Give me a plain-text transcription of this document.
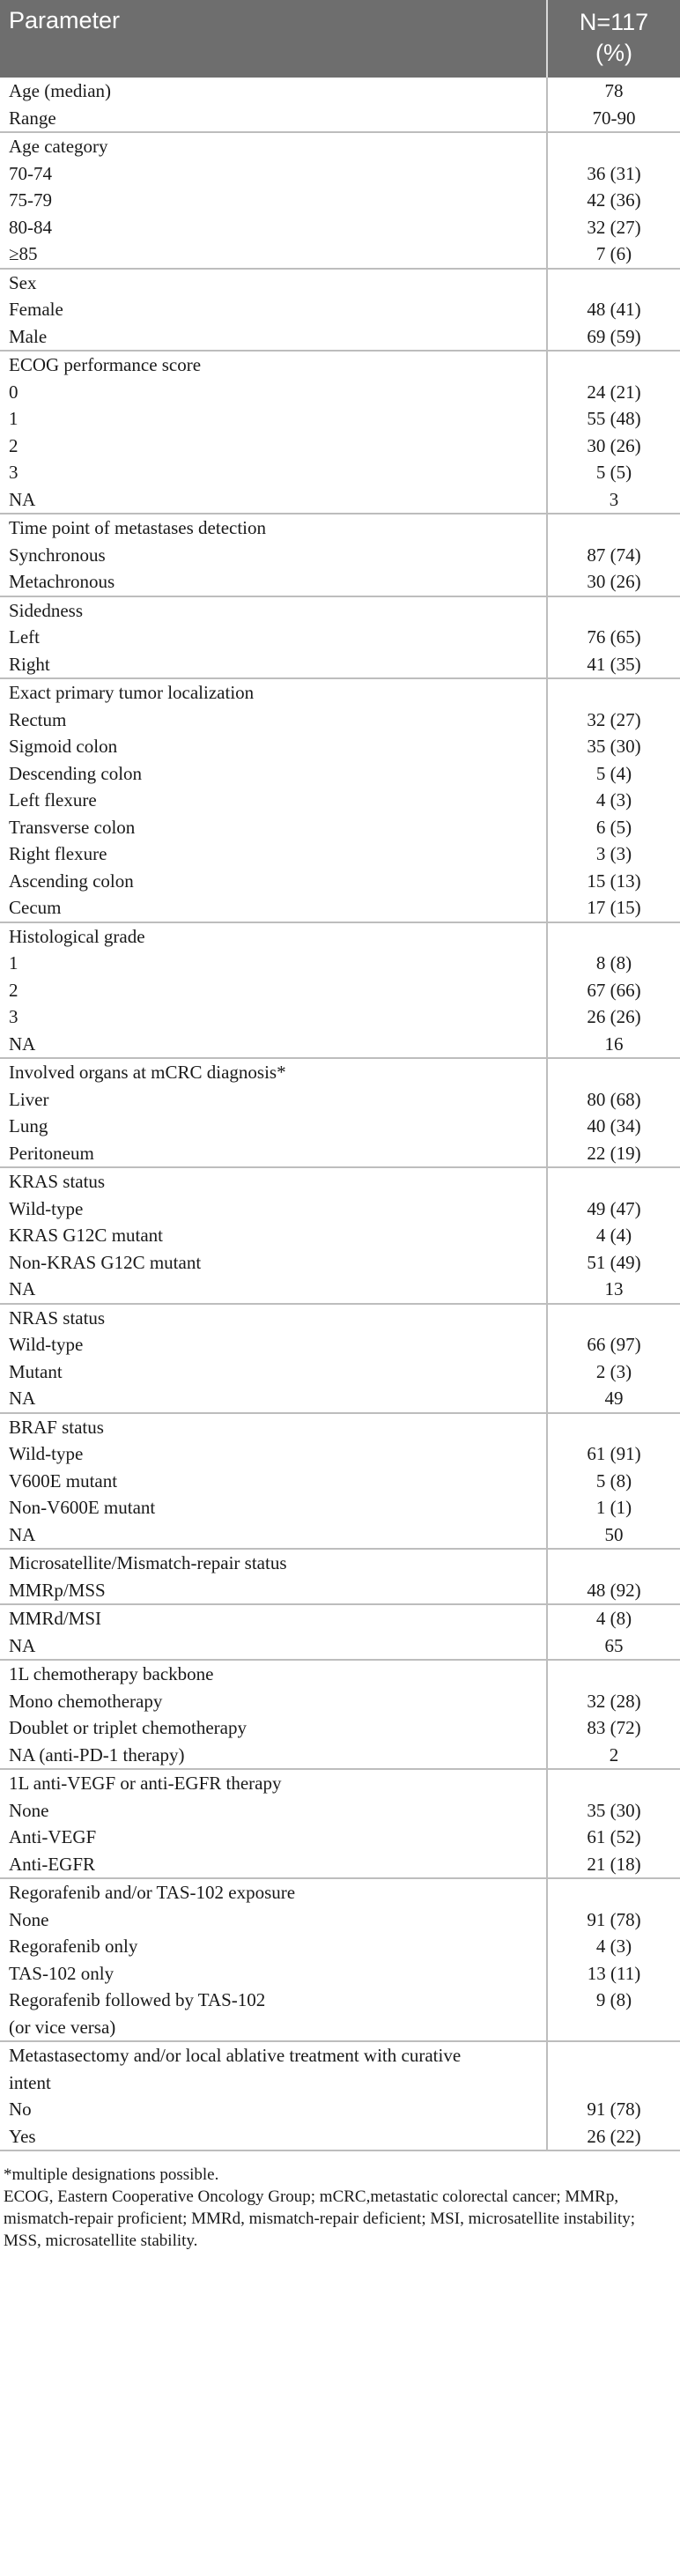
Parameter	N=117
(%)
Age (median)
Range
78
70-90
Age category
70-74
75-79
80-84
≥85
36 (31)
42 (36)
32 (27)
7 (6)
Sex
Female
Male
48 (41)
69 (59)
ECOG performance score
0
1
2
3
NA
24 (21)
55 (48)
30 (26)
5 (5)
3
Time point of metastases detection
Synchronous
Metachronous
87 (74)
30 (26)
Sidedness
Left
Right
76 (65)
41 (35)
Exact primary tumor localization
Rectum
Sigmoid colon
Descending colon
Left flexure
Transverse colon
Right flexure
Ascending colon
Cecum
32 (27)
35 (30)
5 (4)
4 (3)
6 (5)
3 (3)
15 (13)
17 (15)
Histological grade
1
2
3
NA
8 (8)
67 (66)
26 (26)
16
Involved organs at mCRC diagnosis*
Liver
Lung
Peritoneum
80 (68)
40 (34)
22 (19)
KRAS status
Wild-type
KRAS G12C mutant
Non-KRAS G12C mutant
NA
49 (47)
4 (4)
51 (49)
13
NRAS status
Wild-type
Mutant
NA
66 (97)
2 (3)
49
BRAF status
Wild-type
V600E mutant
Non-V600E mutant
NA
61 (91)
5 (8)
1 (1)
50
Microsatellite/Mismatch-repair status
MMRp/MSS	48 (92)
MMRd/MSI
NA
4 (8)
65
1L chemotherapy backbone
Mono chemotherapy
Doublet or triplet chemotherapy
NA (anti-PD-1 therapy)
32 (28)
83 (72)
2
1L anti-VEGF or anti-EGFR therapy
None
Anti-VEGF
Anti-EGFR
35 (30)
61 (52)
21 (18)
Regorafenib and/or TAS-102 exposure
None
Regorafenib only
TAS-102 only
Regorafenib followed by TAS-102
(or vice versa)
91 (78)
4 (3)
13 (11)
9 (8)
Metastasectomy and/or local ablative treatment with curative
intent
No
Yes
91 (78)
26 (22)

*multiple designations possible.

ECOG, Eastern Cooperative Oncology Group; mCRC,metastatic colorectal cancer; MMRp,

mismatch-repair proficient; MMRd, mismatch-repair deficient; MSI, microsatellite instability;

MSS, microsatellite stability.
